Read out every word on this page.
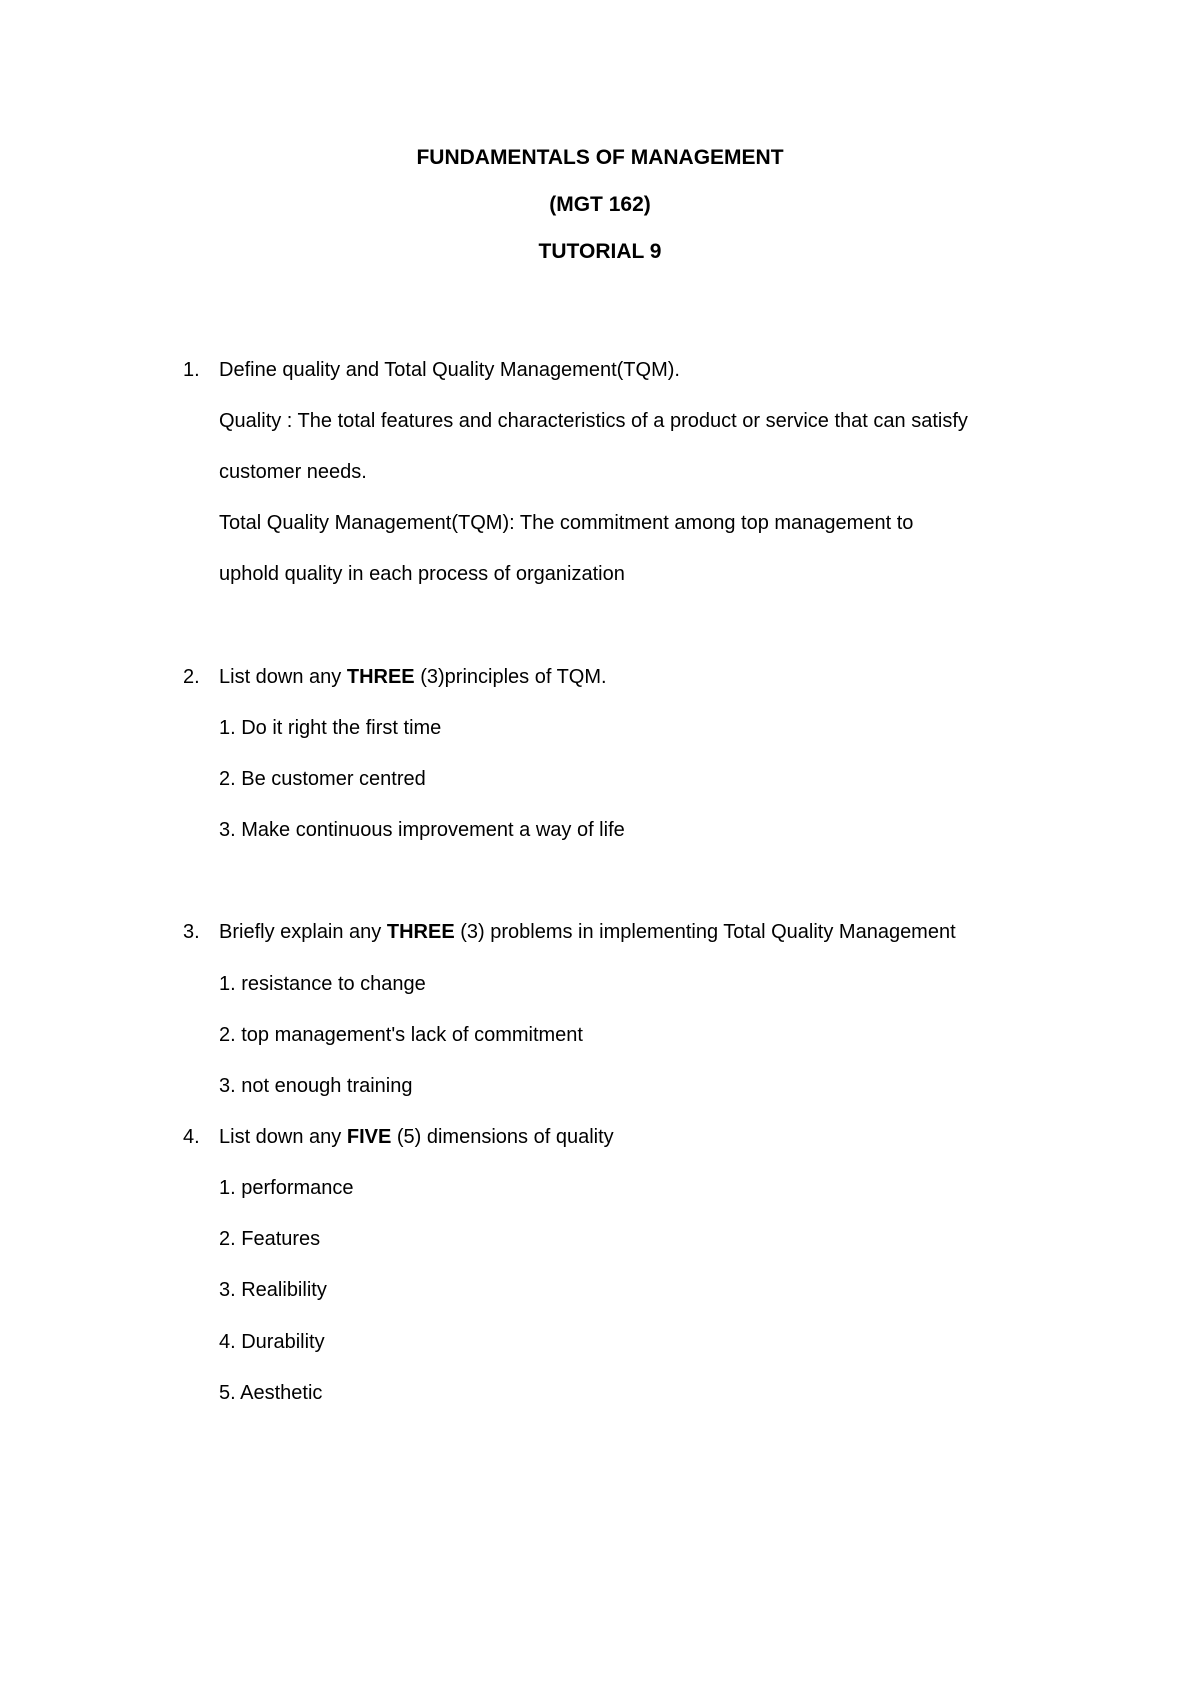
FUNDAMENTALS OF MANAGEMENT
(MGT 162)
TUTORIAL 9
1. Define quality and Total Quality Management(TQM).
Quality : The total features and characteristics of a product or service that can satisfy
customer needs.
Total Quality Management(TQM): The commitment among top management to
uphold quality in each process of organization
2. List down any THREE (3)principles of TQM.
1. Do it right the first time
2. Be customer centred
3. Make continuous improvement a way of life
3. Briefly explain any THREE (3) problems in implementing Total Quality Management
1. resistance to change
2. top management's lack of commitment
3. not enough training
4. List down any FIVE (5) dimensions of quality
1. performance
2. Features
3. Realibility
4. Durability
5. Aesthetic
